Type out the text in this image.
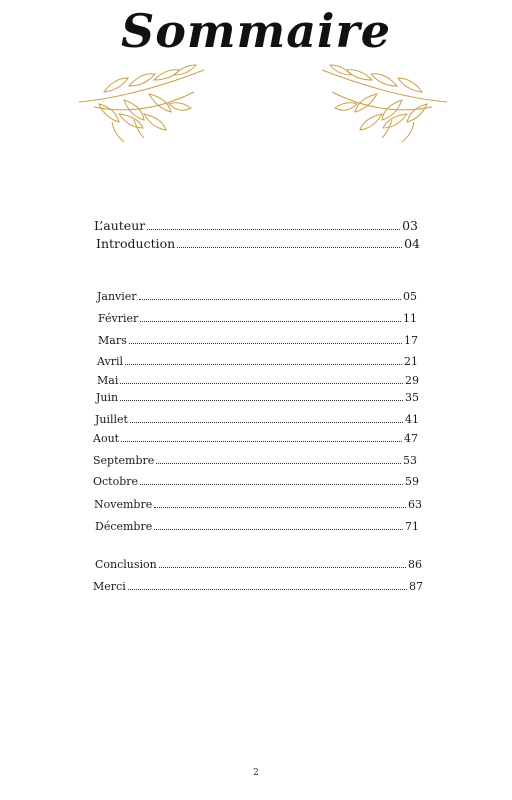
Sommaire
L’auteur	03
Introduction	04
Janvier	05
Février	11
Mars	17
Avril	21
Mai	29
Juin	35
Juillet	41
Aout	47
Septembre	53
Octobre	59
Novembre	63
Décembre	71
Conclusion	86
Merci	87
2
